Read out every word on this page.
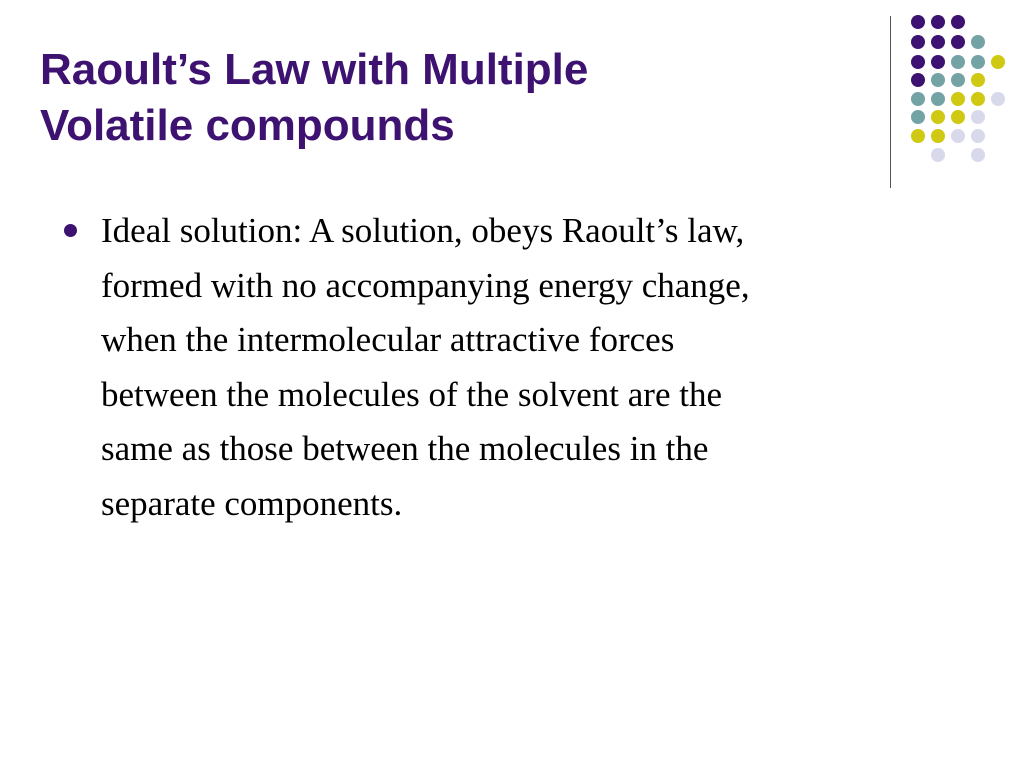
Raoult’s Law with Multiple
Volatile compounds
Ideal solution: A solution, obeys Raoult’s law,
formed with no accompanying energy change,
when the intermolecular attractive forces
between the molecules of the solvent are the
same as those between the molecules in the
separate components.
